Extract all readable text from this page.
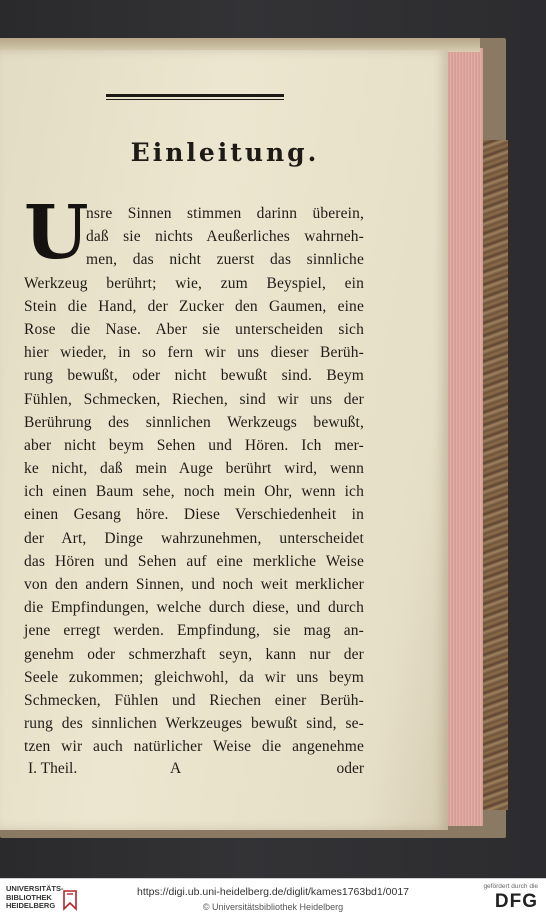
Einleitung.
U
nsre Sinnen stimmen darinn überein,
daß sie nichts Aeußerliches wahrneh-
men, das nicht zuerst das sinnliche
Werkzeug berührt; wie, zum Beyspiel, ein
Stein die Hand, der Zucker den Gaumen, eine
Rose die Nase. Aber sie unterscheiden sich
hier wieder, in so fern wir uns dieser Berüh-
rung bewußt, oder nicht bewußt sind. Beym
Fühlen, Schmecken, Riechen, sind wir uns der
Berührung des sinnlichen Werkzeugs bewußt,
aber nicht beym Sehen und Hören. Ich mer-
ke nicht, daß mein Auge berührt wird, wenn
ich einen Baum sehe, noch mein Ohr, wenn ich
einen Gesang höre. Diese Verschiedenheit in
der Art, Dinge wahrzunehmen, unterscheidet
das Hören und Sehen auf eine merkliche Weise
von den andern Sinnen, und noch weit merklicher
die Empfindungen, welche durch diese, und durch
jene erregt werden. Empfindung, sie mag an-
genehm oder schmerzhaft seyn, kann nur der
Seele zukommen; gleichwohl, da wir uns beym
Schmecken, Fühlen und Riechen einer Berüh-
rung des sinnlichen Werkzeuges bewußt sind, se-
tzen wir auch natürlicher Weise die angenehme
I. Theil.	A	oder
UNIVERSITÄTS-
BIBLIOTHEK
HEIDELBERG
https://digi.ub.uni-heidelberg.de/diglit/kames1763bd1/0017
© Universitätsbibliothek Heidelberg
gefördert durch die
DFG
